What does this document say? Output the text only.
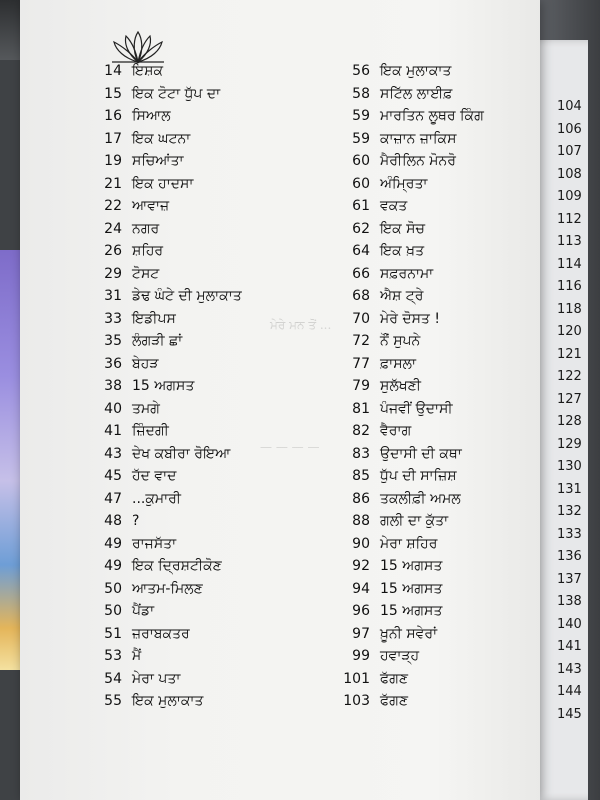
ਮੇਰੇ ਮਨ ਤੋਂ ...
— — — —
14 ਇਸ਼ਕ
15 ਇਕ ਟੋਟਾ ਧੁੱਪ ਦਾ
16 ਸਿਆਲ
17 ਇਕ ਘਟਨਾ
19 ਸਚਿਆਂਤਾ
21 ਇਕ ਹਾਦਸਾ
22 ਆਵਾਜ਼
24 ਨਗਰ
26 ਸ਼ਹਿਰ
29 ਟੋਸਟ
31 ਡੇਢ ਘੰਟੇ ਦੀ ਮੁਲਾਕਾਤ
33 ਇਡੀਪਸ
35 ਲੰਗੜੀ ਛਾਂ
36 ਬੇਹੜ
38 15 ਅਗਸਤ
40 ਤਮਗੇ
41 ਜ਼ਿੰਦਗੀ
43 ਦੇਖ ਕਬੀਰਾ ਰੋਇਆ
45 ਹੱਦ ਵਾਦ
47 ...ਕੁਮਾਰੀ
48 ?
49 ਰਾਜਸੱਤਾ
49 ਇਕ ਦ੍ਰਿਸ਼ਟੀਕੋਣ
50 ਆਤਮ-ਮਿਲਣ
50 ਪੈਂਡਾ
51 ਜ਼ਰਾਬਕਤਰ
53 ਮੈਂ
54 ਮੇਰਾ ਪਤਾ
55 ਇਕ ਮੁਲਾਕਾਤ
56 ਇਕ ਮੁਲਾਕਾਤ
58 ਸਟਿੱਲ ਲਾਈਫ਼
59 ਮਾਰਤਿਨ ਲੂਥਰ ਕਿੰਗ
59 ਕਾਜ਼ਾਨ ਜ਼ਾਕਿਸ
60 ਮੈਰੀਲਿਨ ਮੋਨਰੋ
60 ਅੰਮ੍ਰਿਤਾ
61 ਵਕਤ
62 ਇਕ ਸੋਚ
64 ਇਕ ਖ਼ਤ
66 ਸਫ਼ਰਨਾਮਾ
68 ਐਸ਼ ਟ੍ਰੇ
70 ਮੇਰੇ ਦੋਸਤ !
72 ਨੌਂ ਸੁਪਨੇ
77 ਫ਼ਾਸਲਾ
79 ਸੁਲੱਖਣੀ
81 ਪੰਜਵੀਂ ਉਦਾਸੀ
82 ਵੈਰਾਗ
83 ਉਦਾਸੀ ਦੀ ਕਥਾ
85 ਧੁੱਪ ਦੀ ਸਾਜ਼ਿਸ਼
86 ਤਕਲੀਫ਼ੀ ਅਮਲ
88 ਗਲੀ ਦਾ ਕੁੱਤਾ
90 ਮੇਰਾ ਸ਼ਹਿਰ
92 15 ਅਗਸਤ
94 15 ਅਗਸਤ
96 15 ਅਗਸਤ
97 ਖ਼ੂਨੀ ਸਵੇਰਾਂ
99 ਹਵਾੜ੍ਹ
101 ਫੱਗਣ
103 ਫੱਗਣ
104
106
107
108
109
112
113
114
116
118
120
121
122
127
128
129
130
131
132
133
136
137
138
140
141
143
144
145
